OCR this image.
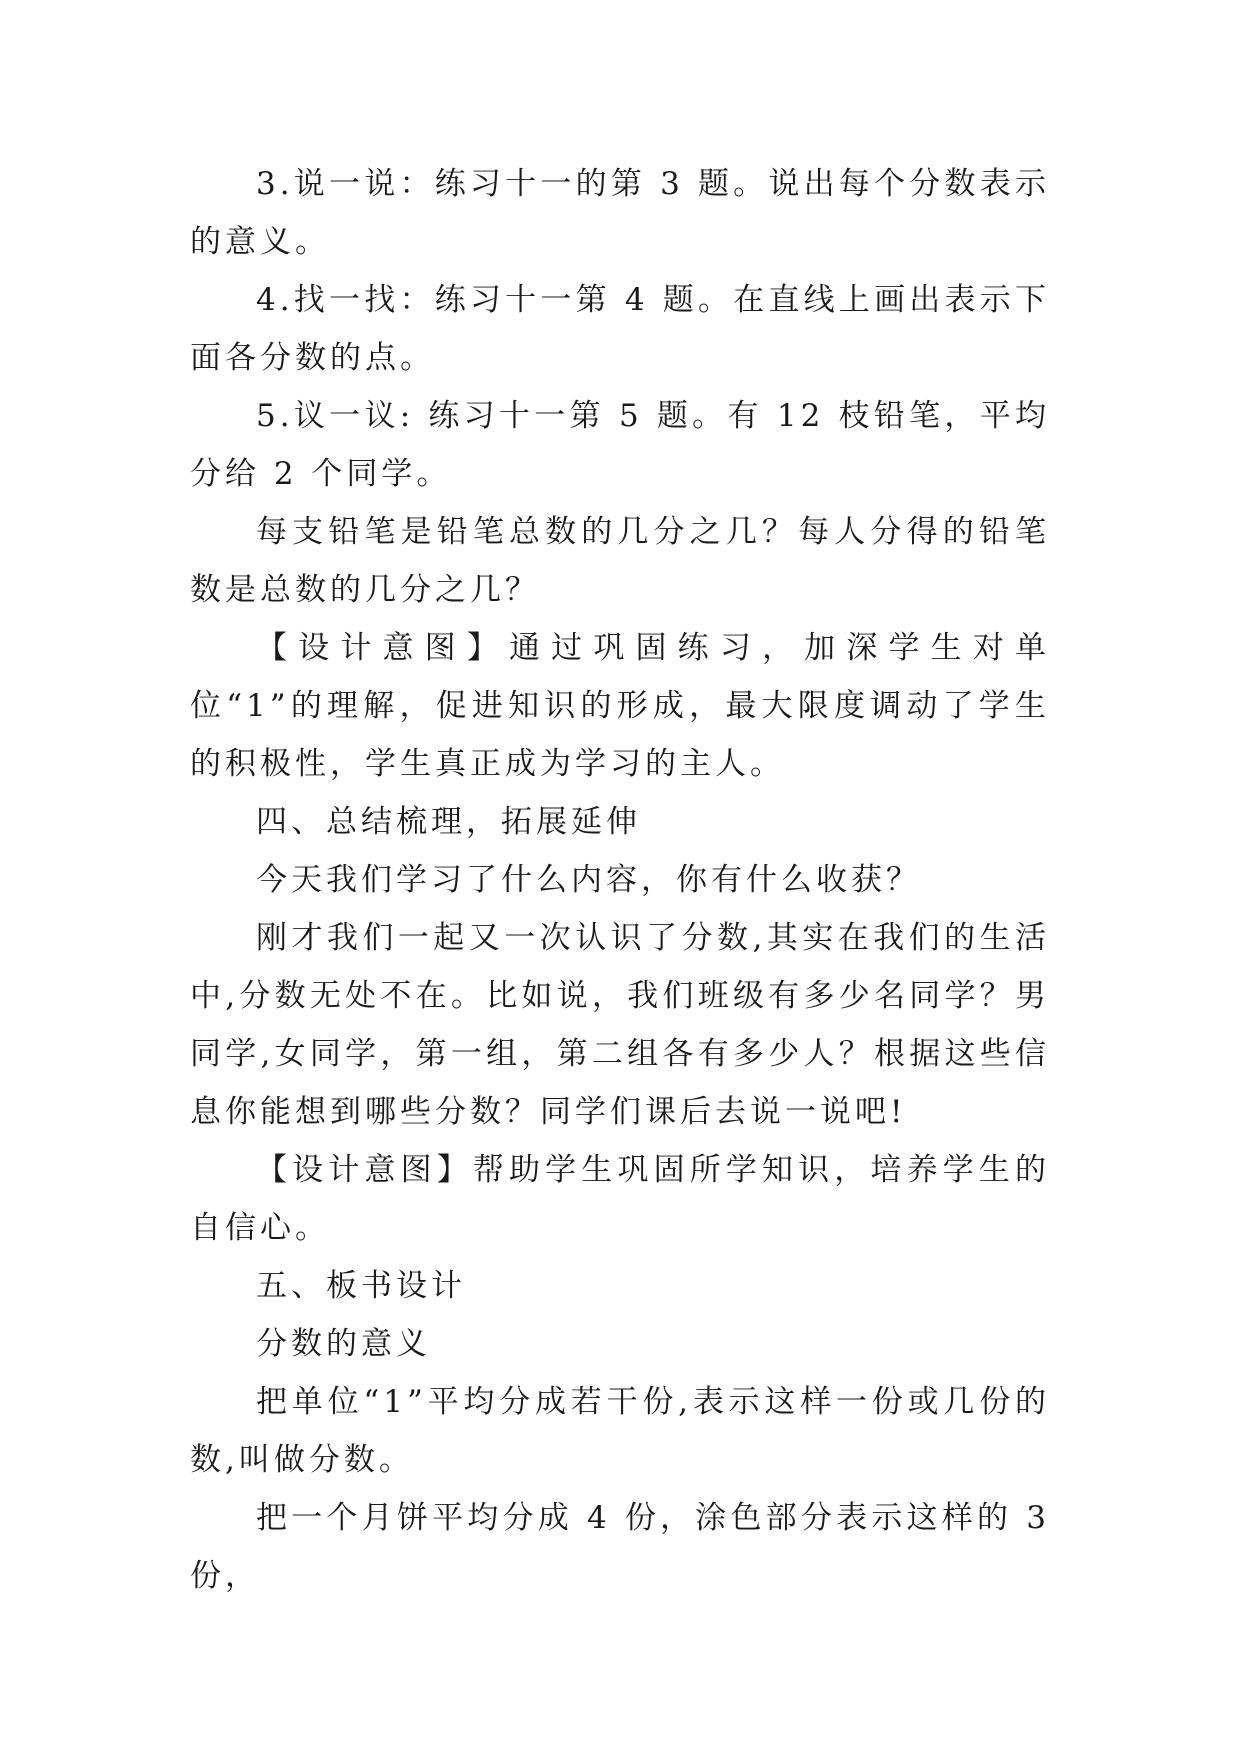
3.说一说：练习十一的第 3 题。说出每个分数表示的意义。

4.找一找：练习十一第 4 题。在直线上画出表示下面各分数的点。

5.议一议: 练习十一第 5 题。有 12 枝铅笔，平均分给 2 个同学。

每支铅笔是铅笔总数的几分之几？每人分得的铅笔数是总数的几分之几？

【设计意图】通过巩固练习，加深学生对单位“1”的理解，促进知识的形成，最大限度调动了学生的积极性，学生真正成为学习的主人。

四、总结梳理，拓展延伸

今天我们学习了什么内容，你有什么收获？

刚才我们一起又一次认识了分数,其实在我们的生活中,分数无处不在。比如说，我们班级有多少名同学？男同学,女同学，第一组，第二组各有多少人？根据这些信息你能想到哪些分数？同学们课后去说一说吧!

【设计意图】帮助学生巩固所学知识，培养学生的自信心。

五、板书设计

分数的意义

把单位“1”平均分成若干份,表示这样一份或几份的数,叫做分数。

把一个月饼平均分成 4 份，涂色部分表示这样的 3 份，
